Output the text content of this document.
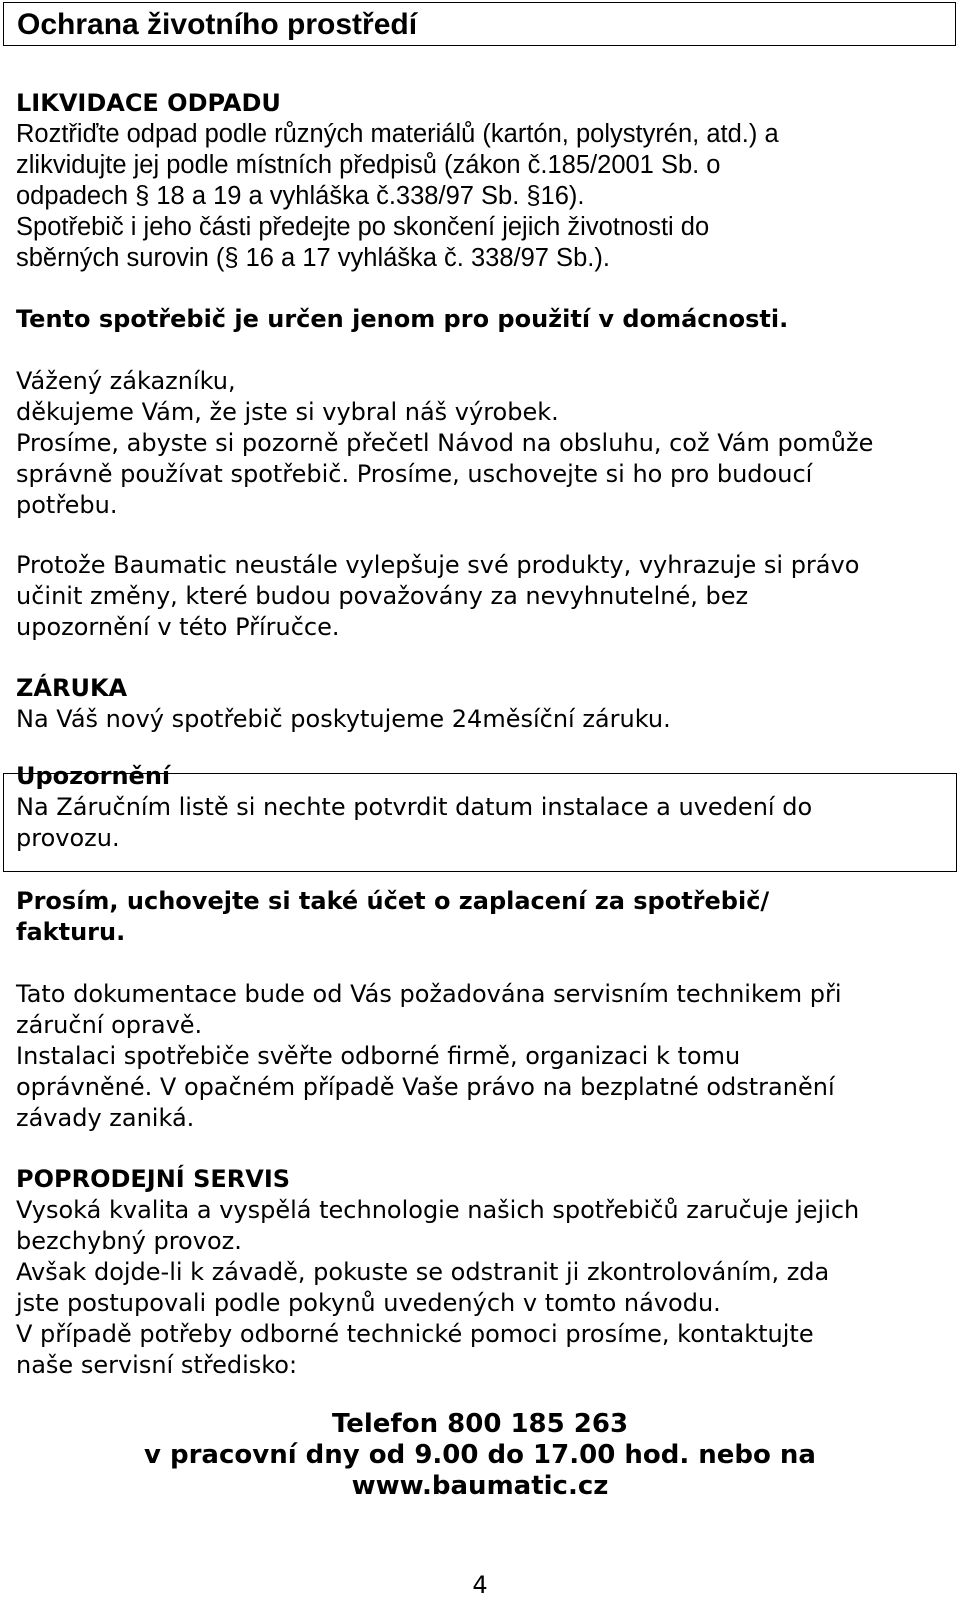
Ochrana životního prostředí
LIKVIDACE ODPADU

Roztřiďte odpad podle různých materiálů (kartón, polystyrén, atd.) a

zlikvidujte jej podle místních předpisů (zákon č.185/2001 Sb. o

odpadech § 18 a 19 a vyhláška č.338/97 Sb. §16).

Spotřebič i jeho části předejte po skončení jejich životnosti do

sběrných surovin (§ 16 a 17 vyhláška č. 338/97 Sb.).

Tento spotřebič je určen jenom pro použití v domácnosti.

Vážený zákazníku,

děkujeme Vám, že jste si vybral náš výrobek.

Prosíme, abyste si pozorně přečetl Návod na obsluhu, což Vám pomůže

správně používat spotřebič. Prosíme, uschovejte si ho pro budoucí

potřebu.

Protože Baumatic neustále vylepšuje své produkty, vyhrazuje si právo

učinit změny, které budou považovány za nevyhnutelné, bez

upozornění v této Příručce.

ZÁRUKA
Na Váš nový spotřebič poskytujeme 24měsíční záruku.
Upozornění

Na Záručním listě si nechte potvrdit datum instalace a uvedení do

provozu.

Prosím, uchovejte si také účet o zaplacení za spotřebič/

fakturu.

Tato dokumentace bude od Vás požadována servisním technikem při

záruční opravě.

Instalaci spotřebiče svěřte odborné firmě, organizaci k tomu

oprávněné. V opačném případě Vaše právo na bezplatné odstranění

závady zaniká.

POPRODEJNÍ SERVIS

Vysoká kvalita a vyspělá technologie našich spotřebičů zaručuje jejich

bezchybný provoz.

Avšak dojde-li k závadě, pokuste se odstranit ji zkontrolováním, zda

jste postupovali podle pokynů uvedených v tomto návodu.

V případě potřeby odborné technické pomoci prosíme, kontaktujte

naše servisní středisko:

Telefon 800 185 263
v pracovní dny od 9.00 do 17.00 hod. nebo na
www.baumatic.cz
4
